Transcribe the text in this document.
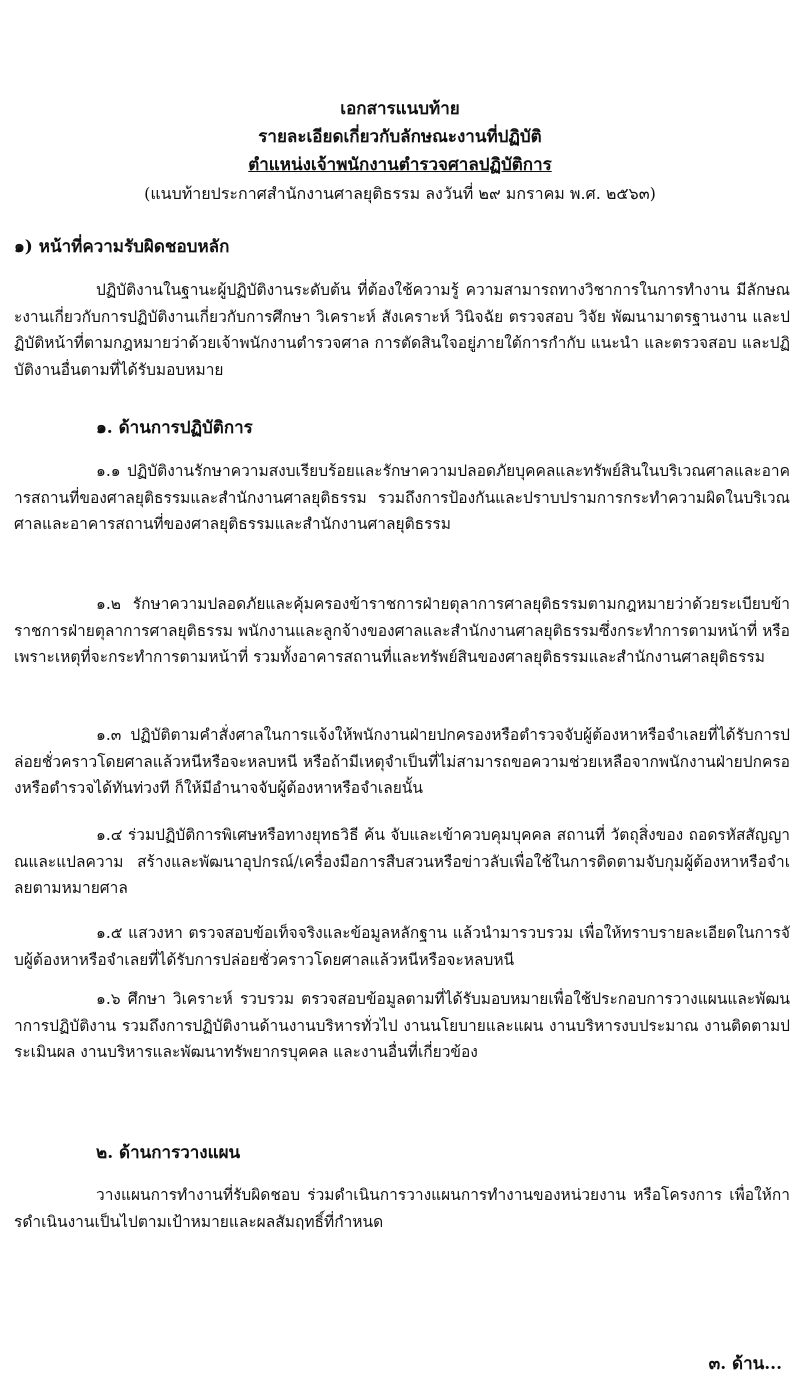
เอกสารแนบท้าย
รายละเอียดเกี่ยวกับลักษณะงานที่ปฏิบัติ
ตำแหน่งเจ้าพนักงานตำรวจศาลปฏิบัติการ
(แนบท้ายประกาศสำนักงานศาลยุติธรรม ลงวันที่ ๒๙ มกราคม พ.ศ. ๒๕๖๓)
๑) หน้าที่ความรับผิดชอบหลัก
ปฏิบัติงานในฐานะผู้ปฏิบัติงานระดับต้น ที่ต้องใช้ความรู้ ความสามารถทางวิชาการในการทำงาน มีลักษณะงานเกี่ยวกับการปฏิบัติงานเกี่ยวกับการศึกษา วิเคราะห์ สังเคราะห์ วินิจฉัย ตรวจสอบ วิจัย พัฒนามาตรฐานงาน และปฏิบัติหน้าที่ตามกฎหมายว่าด้วยเจ้าพนักงานตำรวจศาล การตัดสินใจอยู่ภายใต้การกำกับ แนะนำ และตรวจสอบ และปฏิบัติงานอื่นตามที่ได้รับมอบหมาย
๑. ด้านการปฏิบัติการ
๑.๑ ปฏิบัติงานรักษาความสงบเรียบร้อยและรักษาความปลอดภัยบุคคลและทรัพย์สินในบริเวณศาลและอาคารสถานที่ของศาลยุติธรรมและสำนักงานศาลยุติธรรม รวมถึงการป้องกันและปราบปรามการกระทำความผิดในบริเวณศาลและอาคารสถานที่ของศาลยุติธรรมและสำนักงานศาลยุติธรรม
๑.๒ รักษาความปลอดภัยและคุ้มครองข้าราชการฝ่ายตุลาการศาลยุติธรรมตามกฎหมายว่าด้วยระเบียบข้าราชการฝ่ายตุลาการศาลยุติธรรม พนักงานและลูกจ้างของศาลและสำนักงานศาลยุติธรรมซึ่งกระทำการตามหน้าที่ หรือเพราะเหตุที่จะกระทำการตามหน้าที่ รวมทั้งอาคารสถานที่และทรัพย์สินของศาลยุติธรรมและสำนักงานศาลยุติธรรม
๑.๓ ปฏิบัติตามคำสั่งศาลในการแจ้งให้พนักงานฝ่ายปกครองหรือตำรวจจับผู้ต้องหาหรือจำเลยที่ได้รับการปล่อยชั่วคราวโดยศาลแล้วหนีหรือจะหลบหนี หรือถ้ามีเหตุจำเป็นที่ไม่สามารถขอความช่วยเหลือจากพนักงานฝ่ายปกครองหรือตำรวจได้ทันท่วงที ก็ให้มีอำนาจจับผู้ต้องหาหรือจำเลยนั้น
๑.๔ ร่วมปฏิบัติการพิเศษหรือทางยุทธวิธี ค้น จับและเข้าควบคุมบุคคล สถานที่ วัตถุสิ่งของ ถอดรหัสสัญญาณและแปลความ สร้างและพัฒนาอุปกรณ์/เครื่องมือการสืบสวนหรือข่าวลับเพื่อใช้ในการติดตามจับกุมผู้ต้องหาหรือจำเลยตามหมายศาล
๑.๕ แสวงหา ตรวจสอบข้อเท็จจริงและข้อมูลหลักฐาน แล้วนำมารวบรวม เพื่อให้ทราบรายละเอียดในการจับผู้ต้องหาหรือจำเลยที่ได้รับการปล่อยชั่วคราวโดยศาลแล้วหนีหรือจะหลบหนี
๑.๖ ศึกษา วิเคราะห์ รวบรวม ตรวจสอบข้อมูลตามที่ได้รับมอบหมายเพื่อใช้ประกอบการวางแผนและพัฒนาการปฏิบัติงาน รวมถึงการปฏิบัติงานด้านงานบริหารทั่วไป งานนโยบายและแผน งานบริหารงบประมาณ งานติดตามประเมินผล งานบริหารและพัฒนาทรัพยากรบุคคล และงานอื่นที่เกี่ยวข้อง
๒. ด้านการวางแผน
วางแผนการทำงานที่รับผิดชอบ ร่วมดำเนินการวางแผนการทำงานของหน่วยงาน หรือโครงการ เพื่อให้การดำเนินงานเป็นไปตามเป้าหมายและผลสัมฤทธิ์ที่กำหนด
๓. ด้าน...
